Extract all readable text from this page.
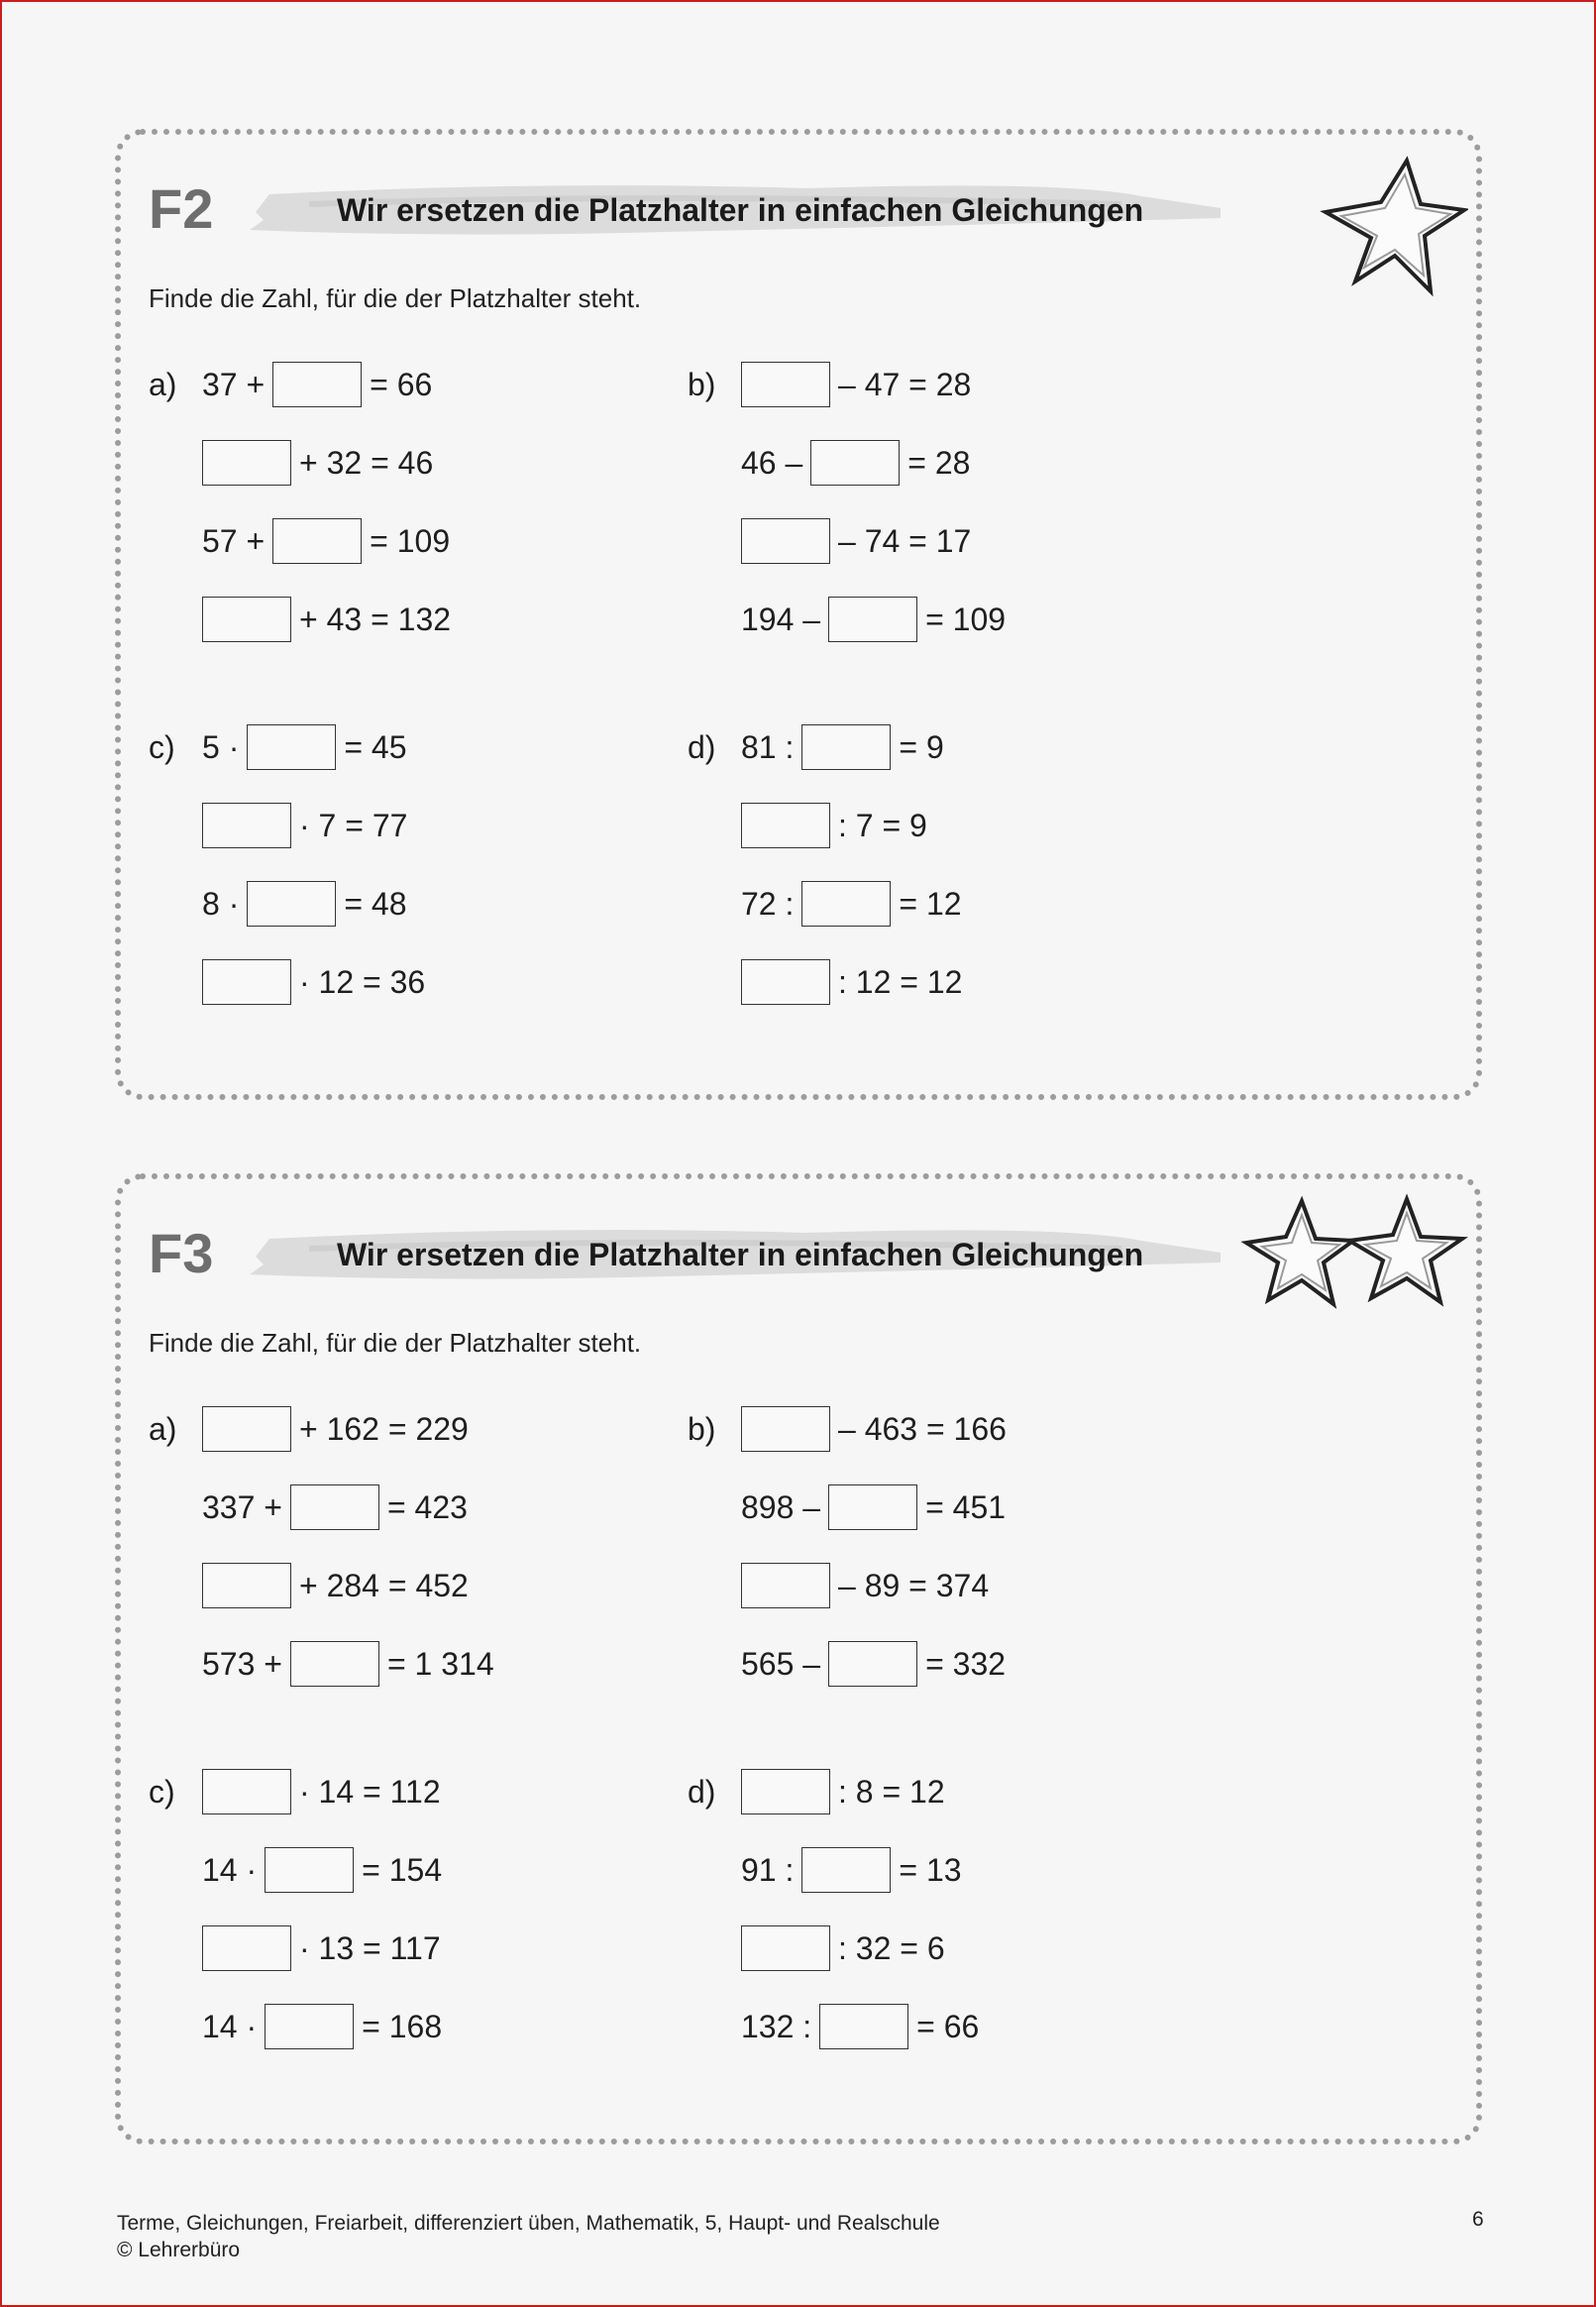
F2	Wir ersetzen die Platzhalter in einfachen Gleichungen
Finde die Zahl, für die der Platzhalter steht.
a) 37 +	= 66
+ 32 = 46
57 +	= 109
+ 43 = 132
b)	– 47 = 28
46 –	= 28
– 74 = 17
194 –	= 109
c) 5 ·	= 45
· 7 = 77
8 ·	= 48
· 12 = 36
d) 81 :	= 9
: 7 = 9
72 :	= 12
: 12 = 12
F3	Wir ersetzen die Platzhalter in einfachen Gleichungen
Finde die Zahl, für die der Platzhalter steht.
a)	+ 162 = 229
337 +	= 423
+ 284 = 452
573 +	= 1 314
b)	– 463 = 166
898 –	= 451
– 89 = 374
565 –	= 332
c)	· 14 = 112
14 ·	= 154
· 13 = 117
14 ·	= 168
d)	: 8 = 12
91 :	= 13
: 32 = 6
132 :	= 66
Terme, Gleichungen, Freiarbeit, differenziert üben, Mathematik, 5, Haupt- und Realschule
© Lehrerbüro
6
